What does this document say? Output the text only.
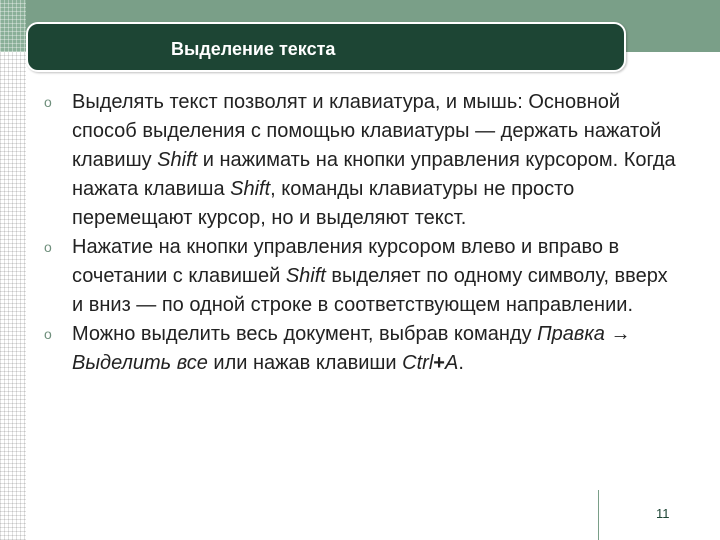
Выделение текста
o Выделять текст позволят и клавиатура, и мышь: Основной способ выделения с помощью клавиатуры — держать нажатой клавишу Shift и нажимать на кнопки управления курсором. Когда нажата клавиша Shift, команды клавиатуры не просто перемещают курсор, но и выделяют текст.

o Нажатие на кнопки управления курсором влево и вправо в сочетании с клавишей Shift выделяет по одному символу, вверх и вниз — по одной строке в соответствующем направлении.

o Можно выделить весь документ, выбрав команду Правка → Выделить все или нажав клавиши Ctrl+A.

11
